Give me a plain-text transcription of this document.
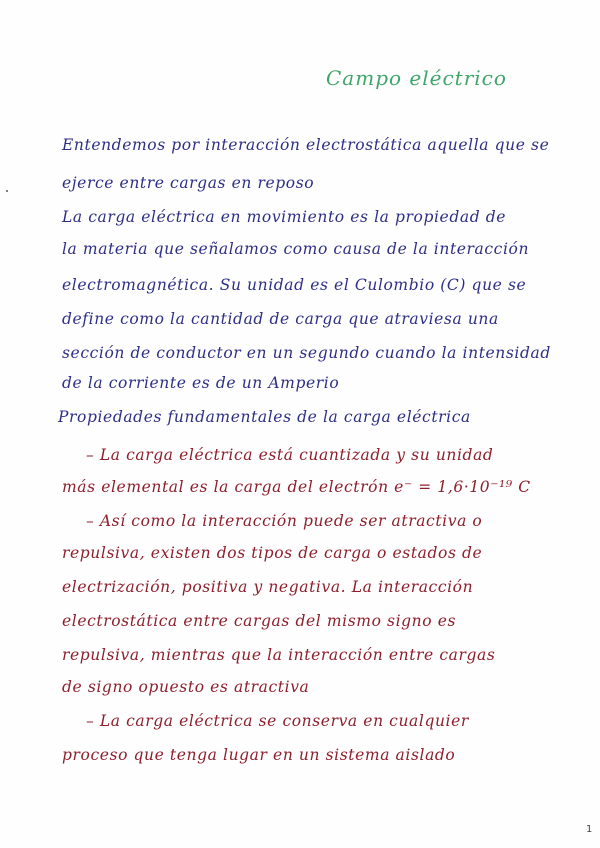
Campo eléctrico
Entendemos por interacción electrostática aquella que se
ejerce entre cargas en reposo
La carga eléctrica en movimiento es la propiedad de
la materia que señalamos como causa de la interacción
electromagnética. Su unidad es el Culombio (C) que se
define como la cantidad de carga que atraviesa una
sección de conductor en un segundo cuando la intensidad
de la corriente es de un Amperio
Propiedades fundamentales de la carga eléctrica
– La carga eléctrica está cuantizada y su unidad
más elemental es la carga del electrón e⁻ = 1,6·10⁻¹⁹ C
– Así como la interacción puede ser atractiva o
repulsiva, existen dos tipos de carga o estados de
electrización, positiva y negativa. La interacción
electrostática entre cargas del mismo signo es
repulsiva, mientras que la interacción entre cargas
de signo opuesto es atractiva
– La carga eléctrica se conserva en cualquier
proceso que tenga lugar en un sistema aislado
1
